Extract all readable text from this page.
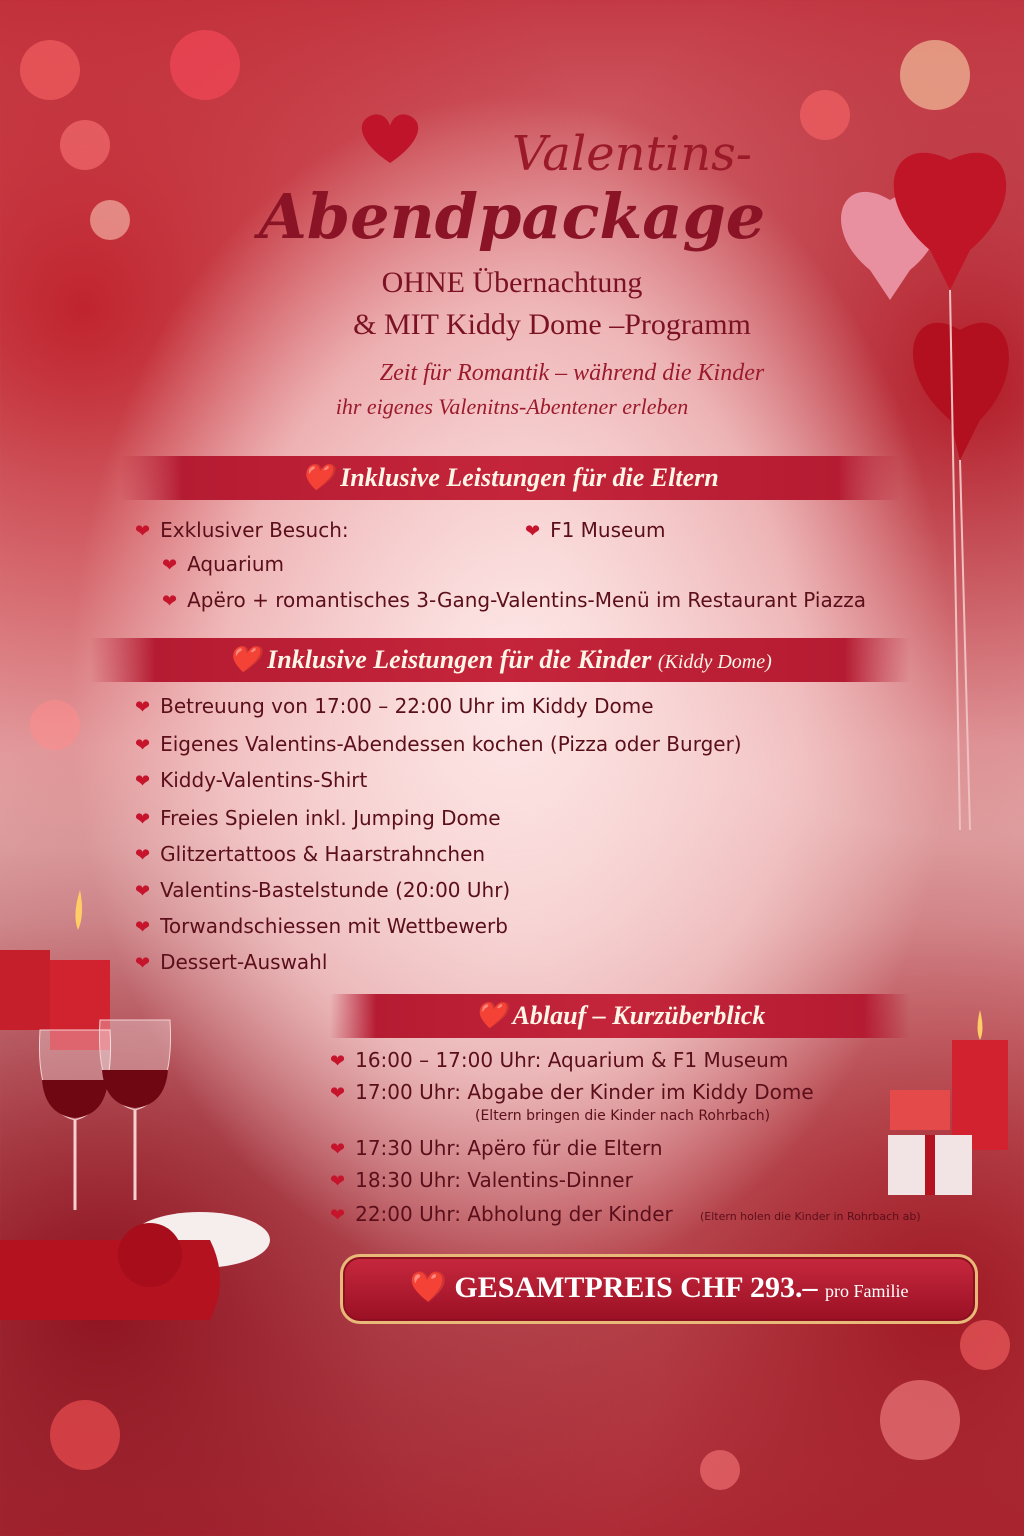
Valentins-
Abendpackage
OHNE Übernachtung
& MIT Kiddy Dome –Programm
Zeit für Romantik – während die Kinder
ihr eigenes Valenitns-Abentener erleben
❤️ Inklusive Leistungen für die Eltern
❤ Exklusiver Besuch:	❤ F1 Museum
❤ Aquarium
❤ Apëro + romantisches 3-Gang-Valentins-Menü im Restaurant Piazza
❤️ Inklusive Leistungen für die Kinder (Kiddy Dome)
❤ Betreuung von 17:00 – 22:00 Uhr im Kiddy Dome
❤ Eigenes Valentins-Abendessen kochen (Pizza oder Burger)
❤ Kiddy-Valentins-Shirt
❤ Freies Spielen inkl. Jumping Dome
❤ Glitzertattoos & Haarstrahnchen
❤ Valentins-Bastelstunde (20:00 Uhr)
❤ Torwandschiessen mit Wettbewerb
❤ Dessert-Auswahl
❤️ Ablauf – Kurzüberblick
❤ 16:00 – 17:00 Uhr: Aquarium & F1 Museum
❤ 17:00 Uhr: Abgabe der Kinder im Kiddy Dome
(Eltern bringen die Kinder nach Rohrbach)
❤ 17:30 Uhr: Apëro für die Eltern
❤ 18:30 Uhr: Valentins-Dinner
❤ 22:00 Uhr: Abholung der Kinder (Eltern holen die Kinder in Rohrbach ab)
❤️ GESAMTPREIS CHF 293.– pro Familie
